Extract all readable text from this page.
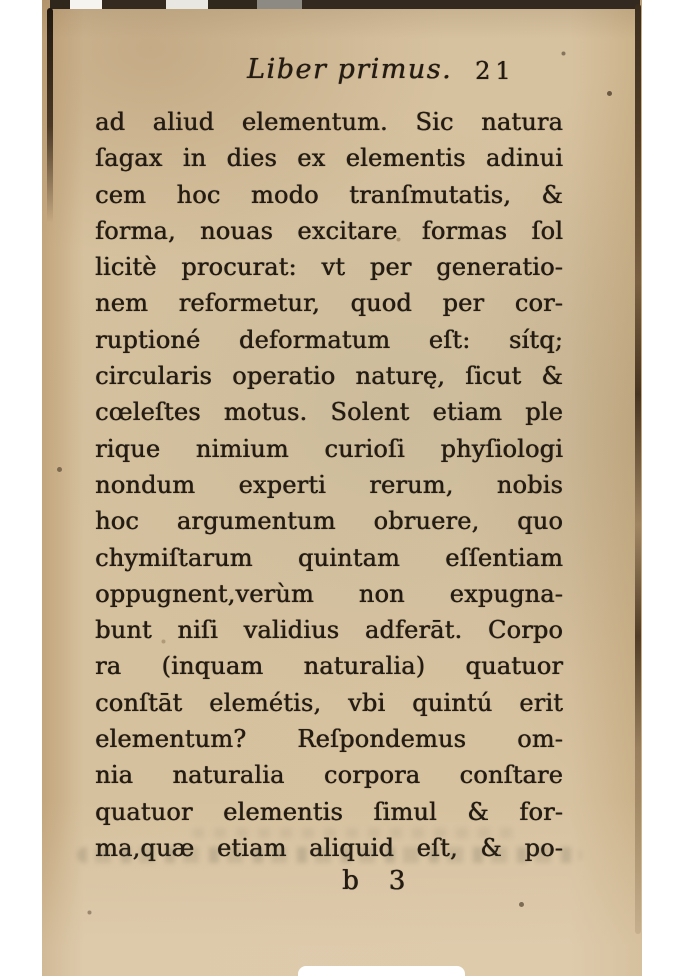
Liber primus. 21
ad aliud elementum. Sic natura
ſagax in dies ex elementis adinui
cem hoc modo tranſmutatis, &
forma, nouas excitare formas ſol
licitè procurat: vt per generatio-
nem reformetur, quod per cor-
ruptioné deformatum eſt: sítq;
circularis operatio naturę, ſicut &
cœleſtes motus. Solent etiam ple
rique nimium curioſi phyſiologi
nondum experti rerum, nobis
hoc argumentum obruere, quo
chymiſtarum quintam eſſentiam
oppugnent,verùm non expugna-
bunt niſi validius adferāt. Corpo
ra (inquam naturalia) quatuor
conſtāt elemétis, vbi quintú erit
elementum? Reſpondemus om-
nia naturalia corpora conſtare
quatuor elementis ſimul & for-
ma,quæ etiam aliquid eſt, & po-
b 3
